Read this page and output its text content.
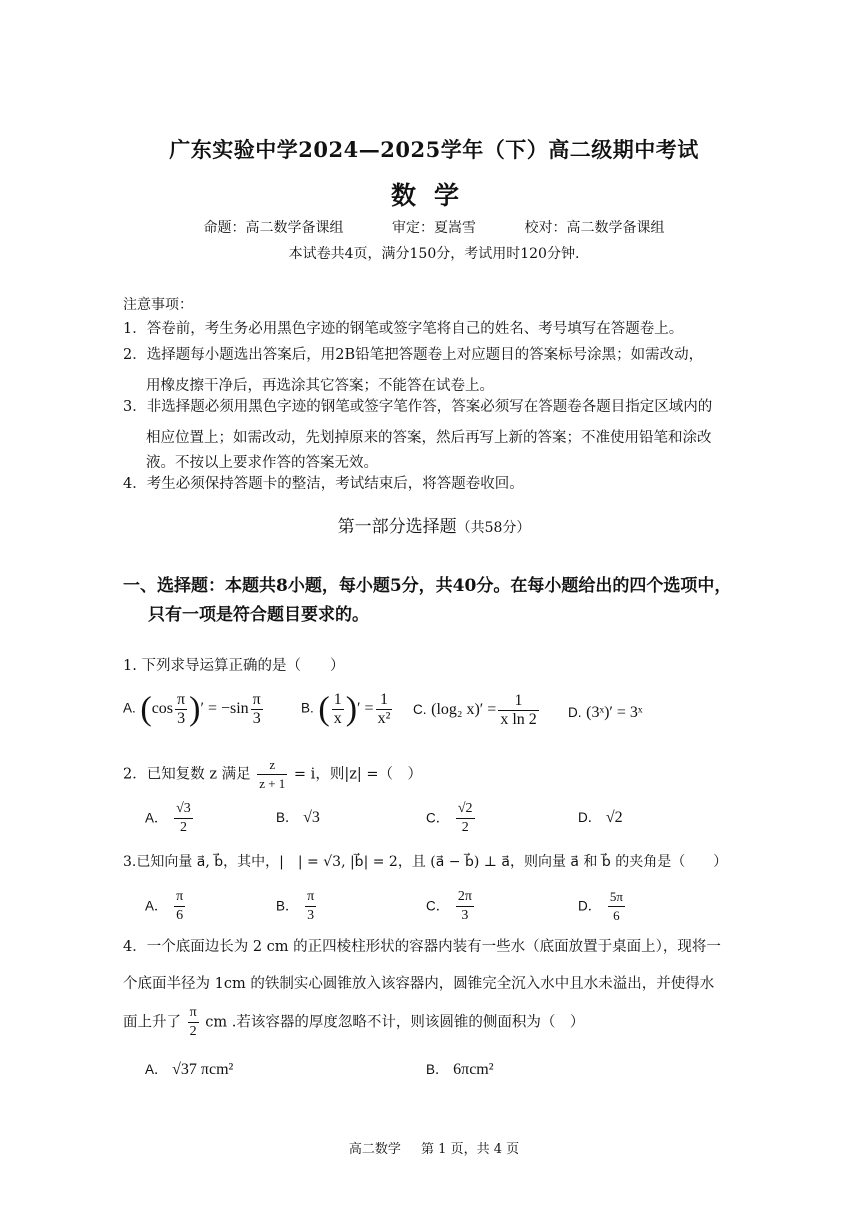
广东实验中学2024—2025学年（下）高二级期中考试
数学
命题：高二数学备课组	审定：夏嵩雪	校对：高二数学备课组
本试卷共4页，满分150分，考试用时120分钟.
注意事项：
1．答卷前，考生务必用黑色字迹的钢笔或签字笔将自己的姓名、考号填写在答题卷上。
2．选择题每小题选出答案后，用2B铅笔把答题卷上对应题目的答案标号涂黑；如需改动，
用橡皮擦干净后，再选涂其它答案；不能答在试卷上。
3．非选择题必须用黑色字迹的钢笔或签字笔作答，答案必须写在答题卷各题目指定区域内的
相应位置上；如需改动，先划掉原来的答案，然后再写上新的答案；不准使用铅笔和涂改
液。不按以上要求作答的答案无效。
4．考生必须保持答题卡的整洁，考试结束后，将答题卷收回。
第一部分选择题（共58分）
一、选择题：本题共8小题，每小题5分，共40分。在每小题给出的四个选项中，
只有一项是符合题目要求的。
1. 下列求导运算正确的是（　　）
A. ($\cos \frac{\pi}{3}$ )′ = $-\sin \frac{\pi}{3}$	B. ( $\frac{1}{x}$ )′ = $\frac{1}{\text{x²}} C$. (log₂ $x)' = \frac{1}{\text{x ln 2}} D$. (3ˣ)′ = 3ˣ
2．已知复数 z 满足 $\frac{z}{z + 1} = i$，则|z| =（　）
A． $\frac{√3}{2}$	B． √3	C． $\frac{√2}{2}$	D． √2
3.已知向量 a⃗, b⃗，其中，|　| = √3, |b⃗| = 2，且 (a⃗ − b⃗) ⊥ a⃗，则向量 a⃗ 和 b⃗ 的夹角是（　　）
A． $\frac{\pi}{6}$	B． $\frac{\pi}{3}$	C． $\frac{2\pi}{3}$	D． $\frac{5\pi}{6}$
4．一个底面边长为 2 cm 的正四棱柱形状的容器内装有一些水（底面放置于桌面上），现将一
个底面半径为 1cm 的铁制实心圆锥放入该容器内，圆锥完全沉入水中且水未溢出，并使得水
面上升了 $\frac{\pi}{2}$ cm .若该容器的厚度忽略不计，则该圆锥的侧面积为（　）
A． √37 πcm²	B． 6πcm²
高二数学 第 1 页，共 4 页
